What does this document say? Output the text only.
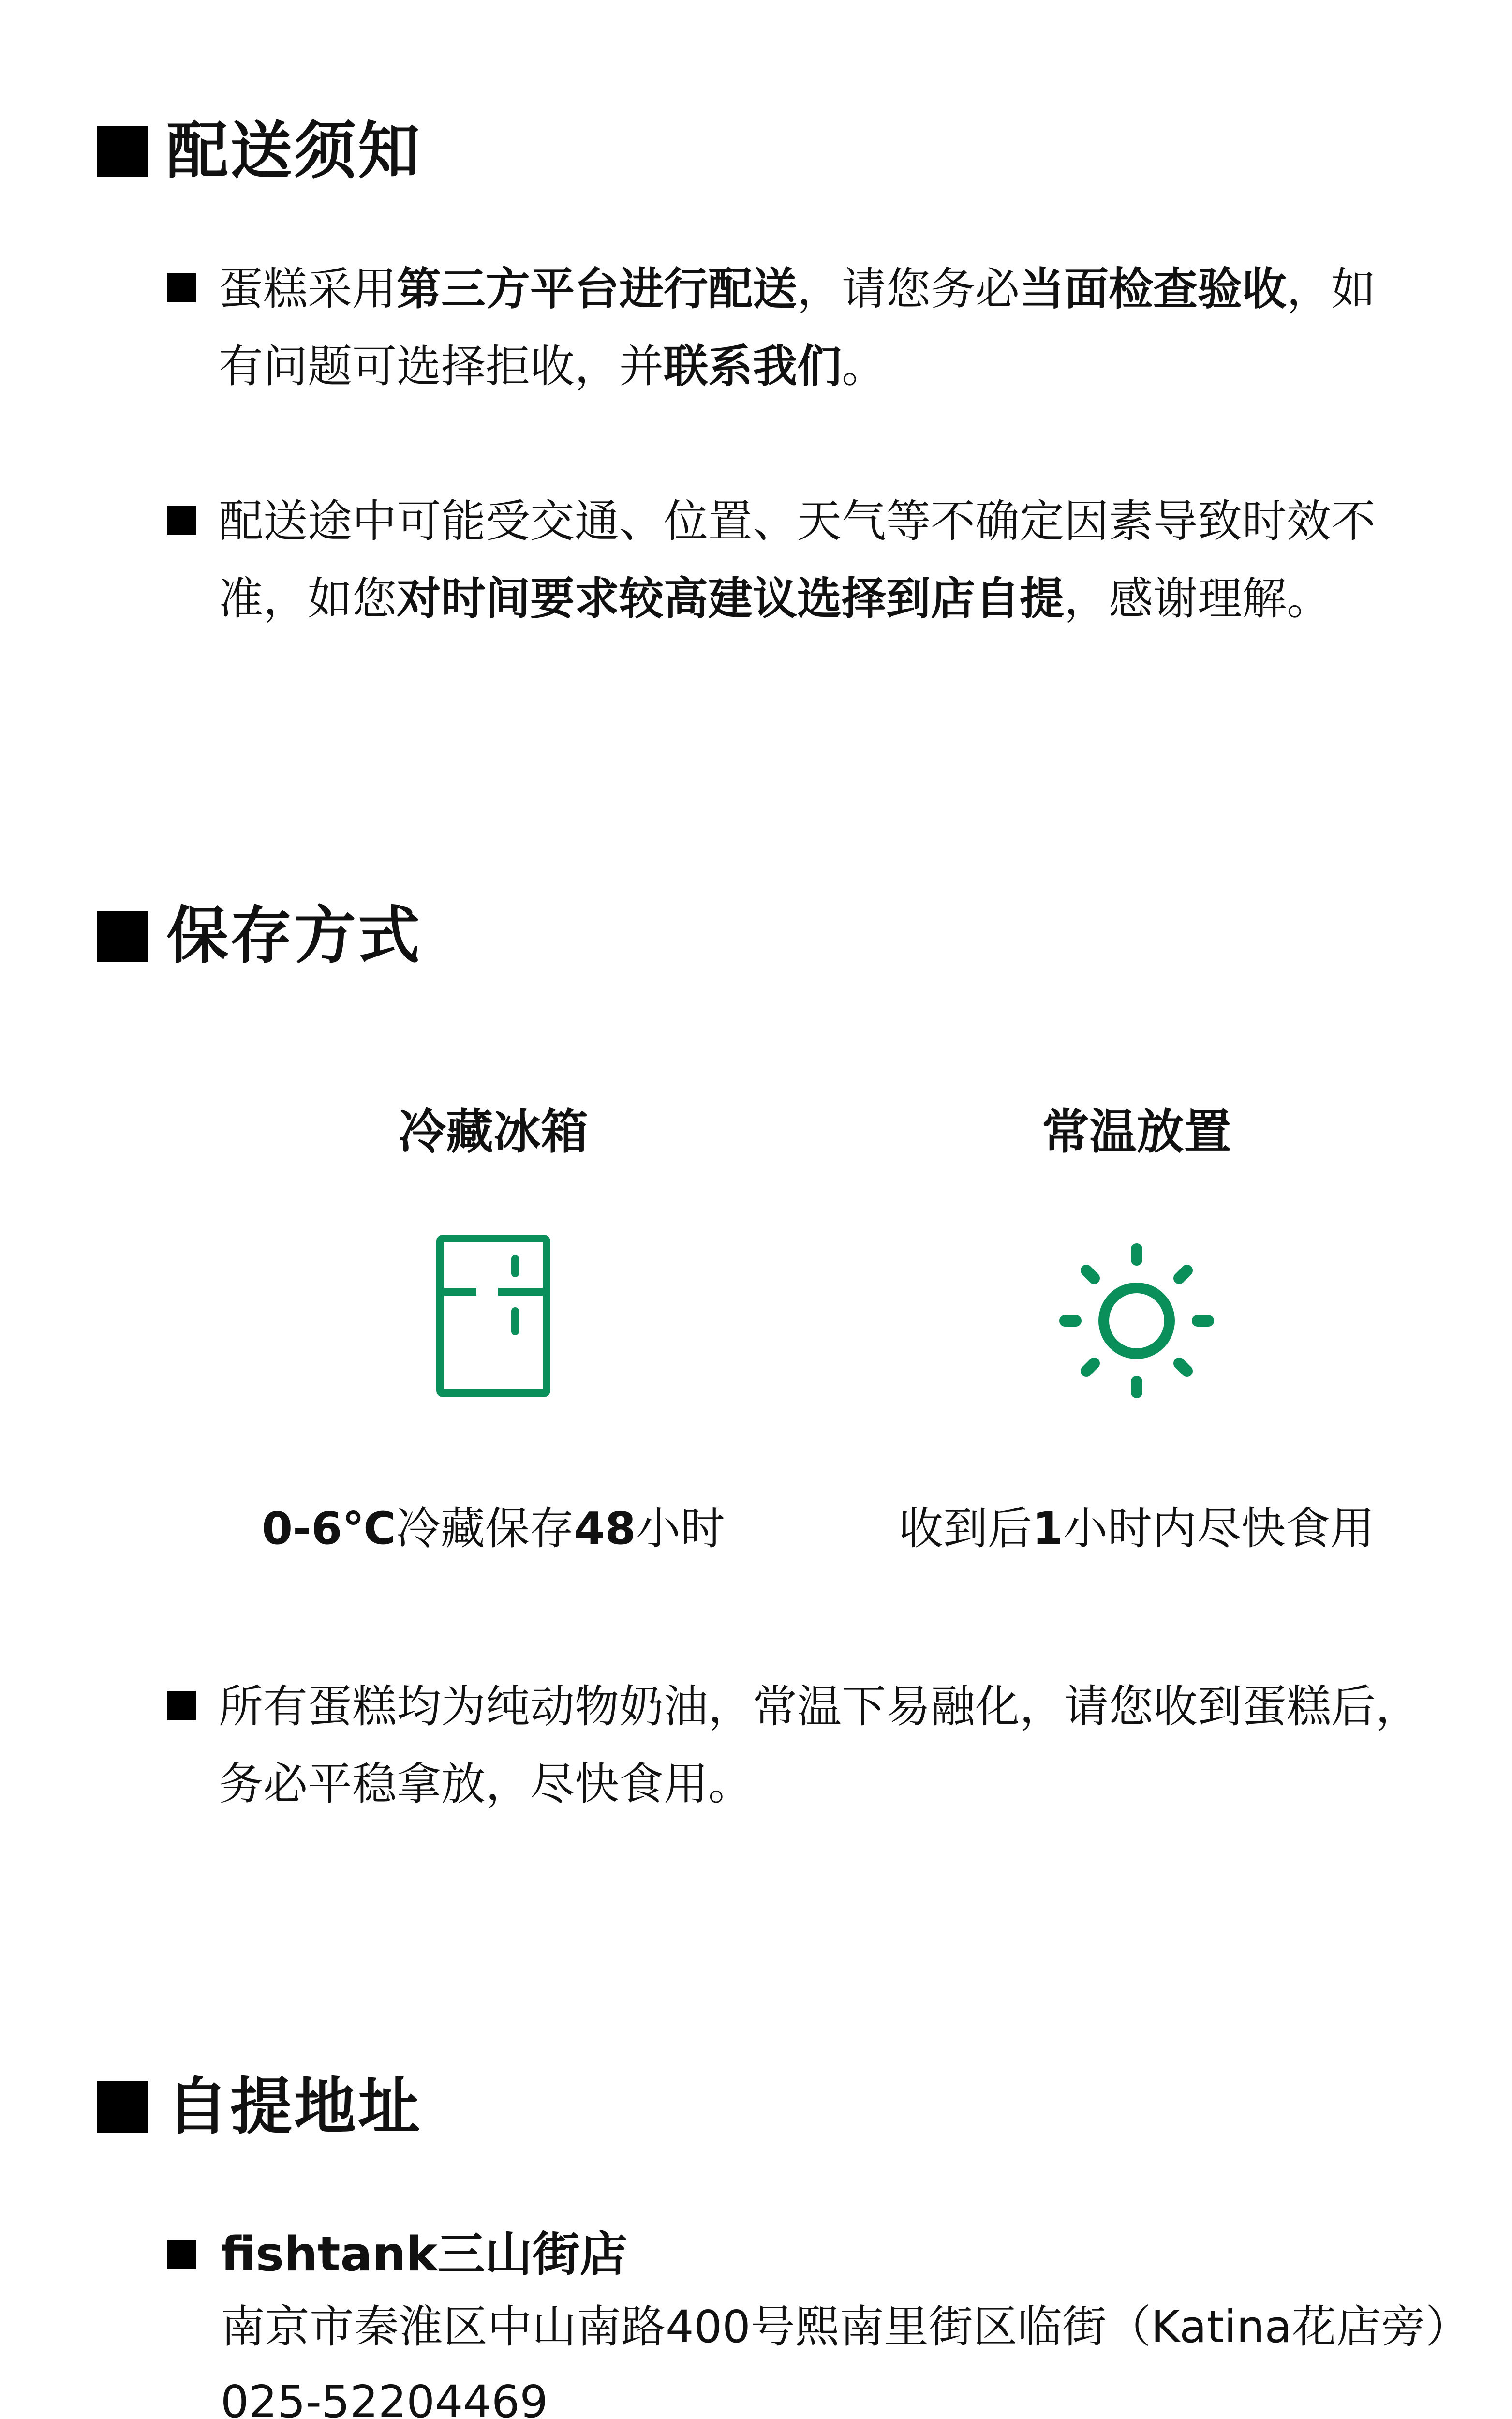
配送须知
蛋糕采用第三方平台进行配送，请您务必当面检查验收，如
有问题可选择拒收，并联系我们。
配送途中可能受交通、位置、天气等不确定因素导致时效不
准，如您对时间要求较高建议选择到店自提，感谢理解。
保存方式
冷藏冰箱
0-6℃冷藏保存48小时
常温放置
收到后1小时内尽快食用
所有蛋糕均为纯动物奶油，常温下易融化，请您收到蛋糕后，
务必平稳拿放，尽快食用。
自提地址
fishtank三山街店
南京市秦淮区中山南路400号熙南里街区临街（Katina花店旁）
025-52204469
